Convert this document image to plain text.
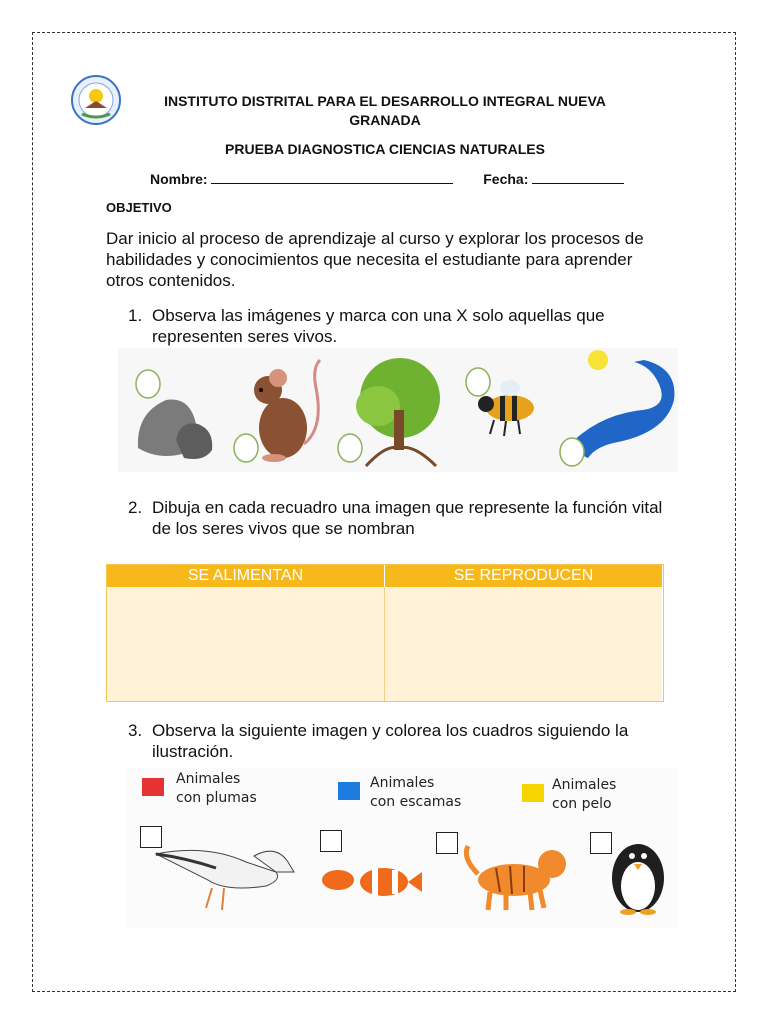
INSTITUTO DISTRITAL PARA EL DESARROLLO INTEGRAL NUEVA GRANADA
PRUEBA DIAGNOSTICA CIENCIAS NATURALES
Nombre:	Fecha:
OBJETIVO
Dar inicio al proceso de aprendizaje al curso y explorar los procesos de habilidades y conocimientos que necesita el estudiante para aprender otros contenidos.
1. Observa las imágenes y marca con una X solo aquellas que representen seres vivos.
2. Dibuja en cada recuadro una imagen que represente la función vital de los seres vivos que se nombran
SE ALIMENTAN	SE REPRODUCEN
3. Observa la siguiente imagen y colorea los cuadros siguiendo la ilustración.
Animales
con plumas
Animales
con escamas
Animales
con pelo
